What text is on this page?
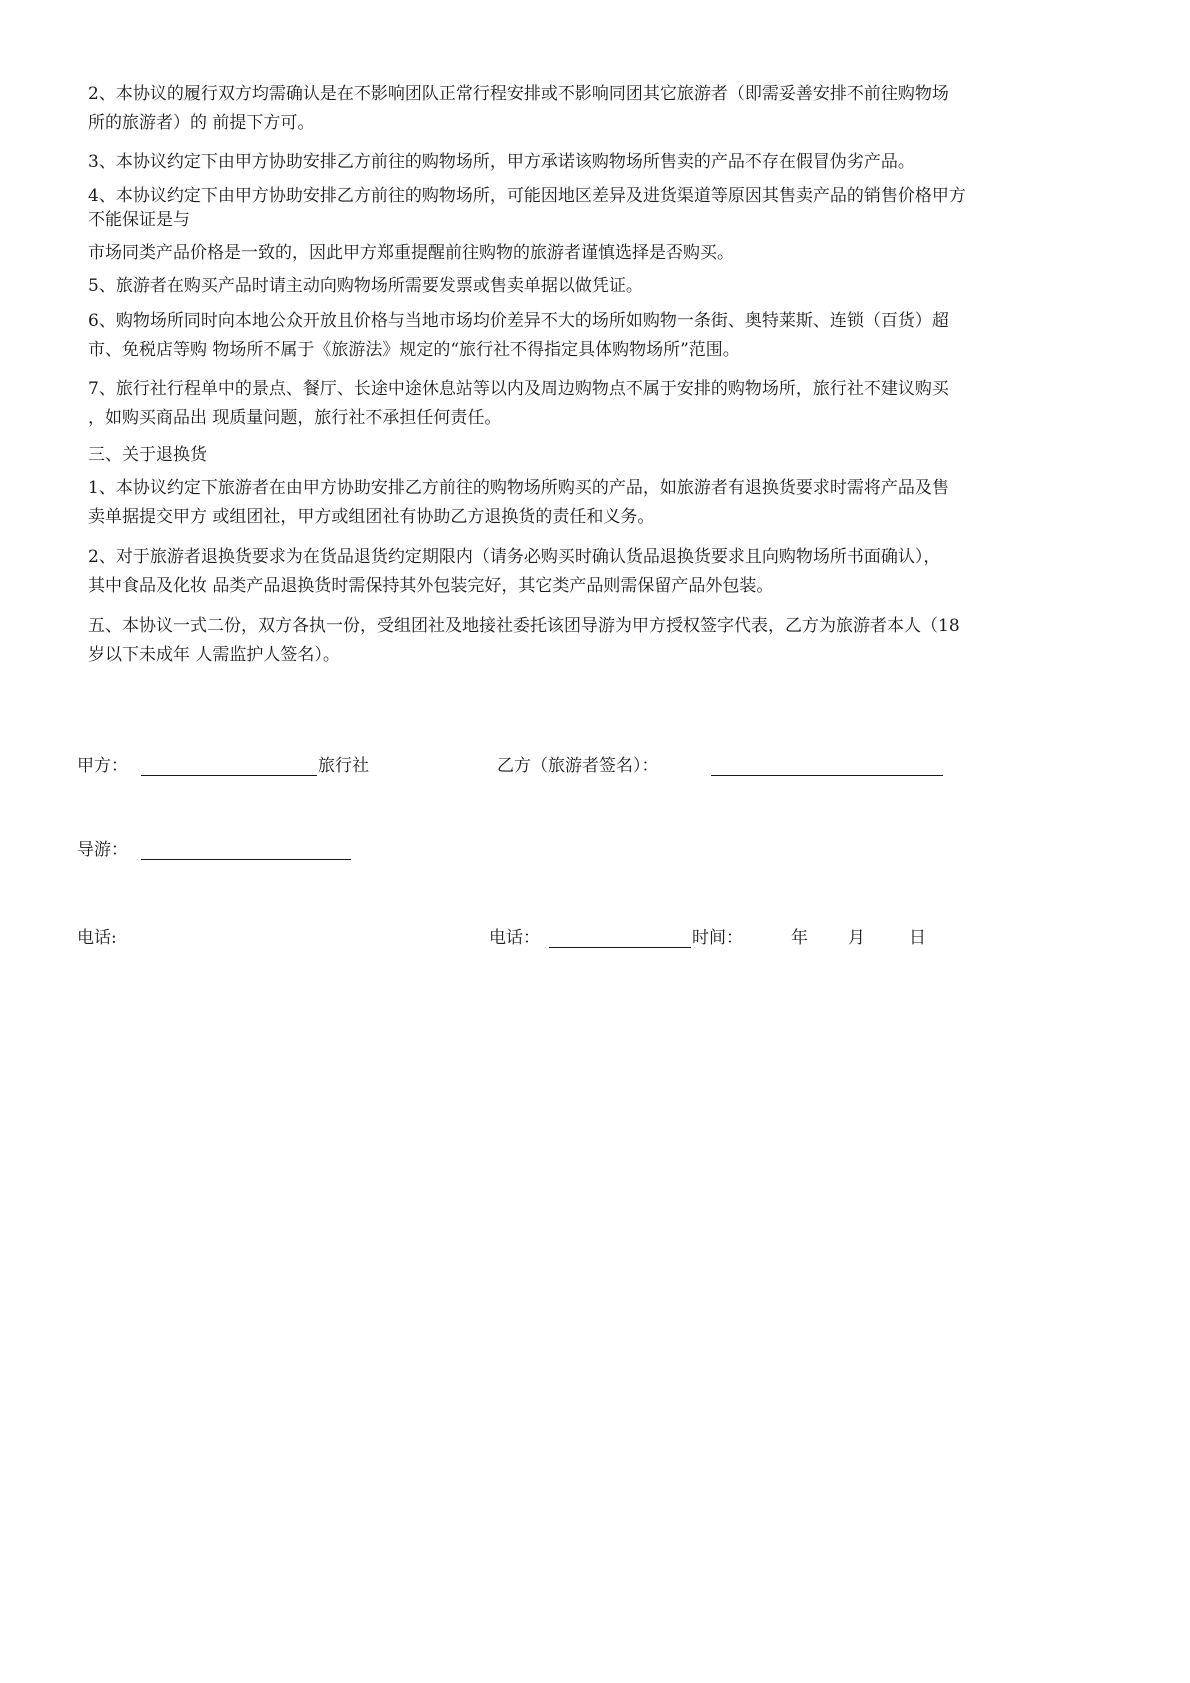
2、本协议的履行双方均需确认是在不影响团队正常行程安排或不影响同团其它旅游者（即需妥善安排不前往购物场
所的旅游者）的 前提下方可。

3、本协议约定下由甲方协助安排乙方前往的购物场所，甲方承诺该购物场所售卖的产品不存在假冒伪劣产品。

4、本协议约定下由甲方协助安排乙方前往的购物场所，可能因地区差异及进货渠道等原因其售卖产品的销售价格甲方
不能保证是与
市场同类产品价格是一致的，因此甲方郑重提醒前往购物的旅游者谨慎选择是否购买。

5、旅游者在购买产品时请主动向购物场所需要发票或售卖单据以做凭证。

6、购物场所同时向本地公众开放且价格与当地市场均价差异不大的场所如购物一条街、奥特莱斯、连锁（百货）超
市、免税店等购 物场所不属于《旅游法》规定的“旅行社不得指定具体购物场所”范围。

7、旅行社行程单中的景点、餐厅、长途中途休息站等以内及周边购物点不属于安排的购物场所，旅行社不建议购买
，如购买商品出 现质量问题，旅行社不承担任何责任。

三、关于退换货

1、本协议约定下旅游者在由甲方协助安排乙方前往的购物场所购买的产品，如旅游者有退换货要求时需将产品及售
卖单据提交甲方 或组团社，甲方或组团社有协助乙方退换货的责任和义务。

2、对于旅游者退换货要求为在货品退货约定期限内（请务必购买时确认货品退换货要求且向购物场所书面确认），
其中食品及化妆 品类产品退换货时需保持其外包装完好，其它类产品则需保留产品外包装。

五、本协议一式二份，双方各执一份，受组团社及地接社委托该团导游为甲方授权签字代表，乙方为旅游者本人（18
岁以下未成年 人需监护人签名）。

甲方：	旅行社	乙方（旅游者签名）：
导游：
电话:	电话：	时间：	年 月	日
